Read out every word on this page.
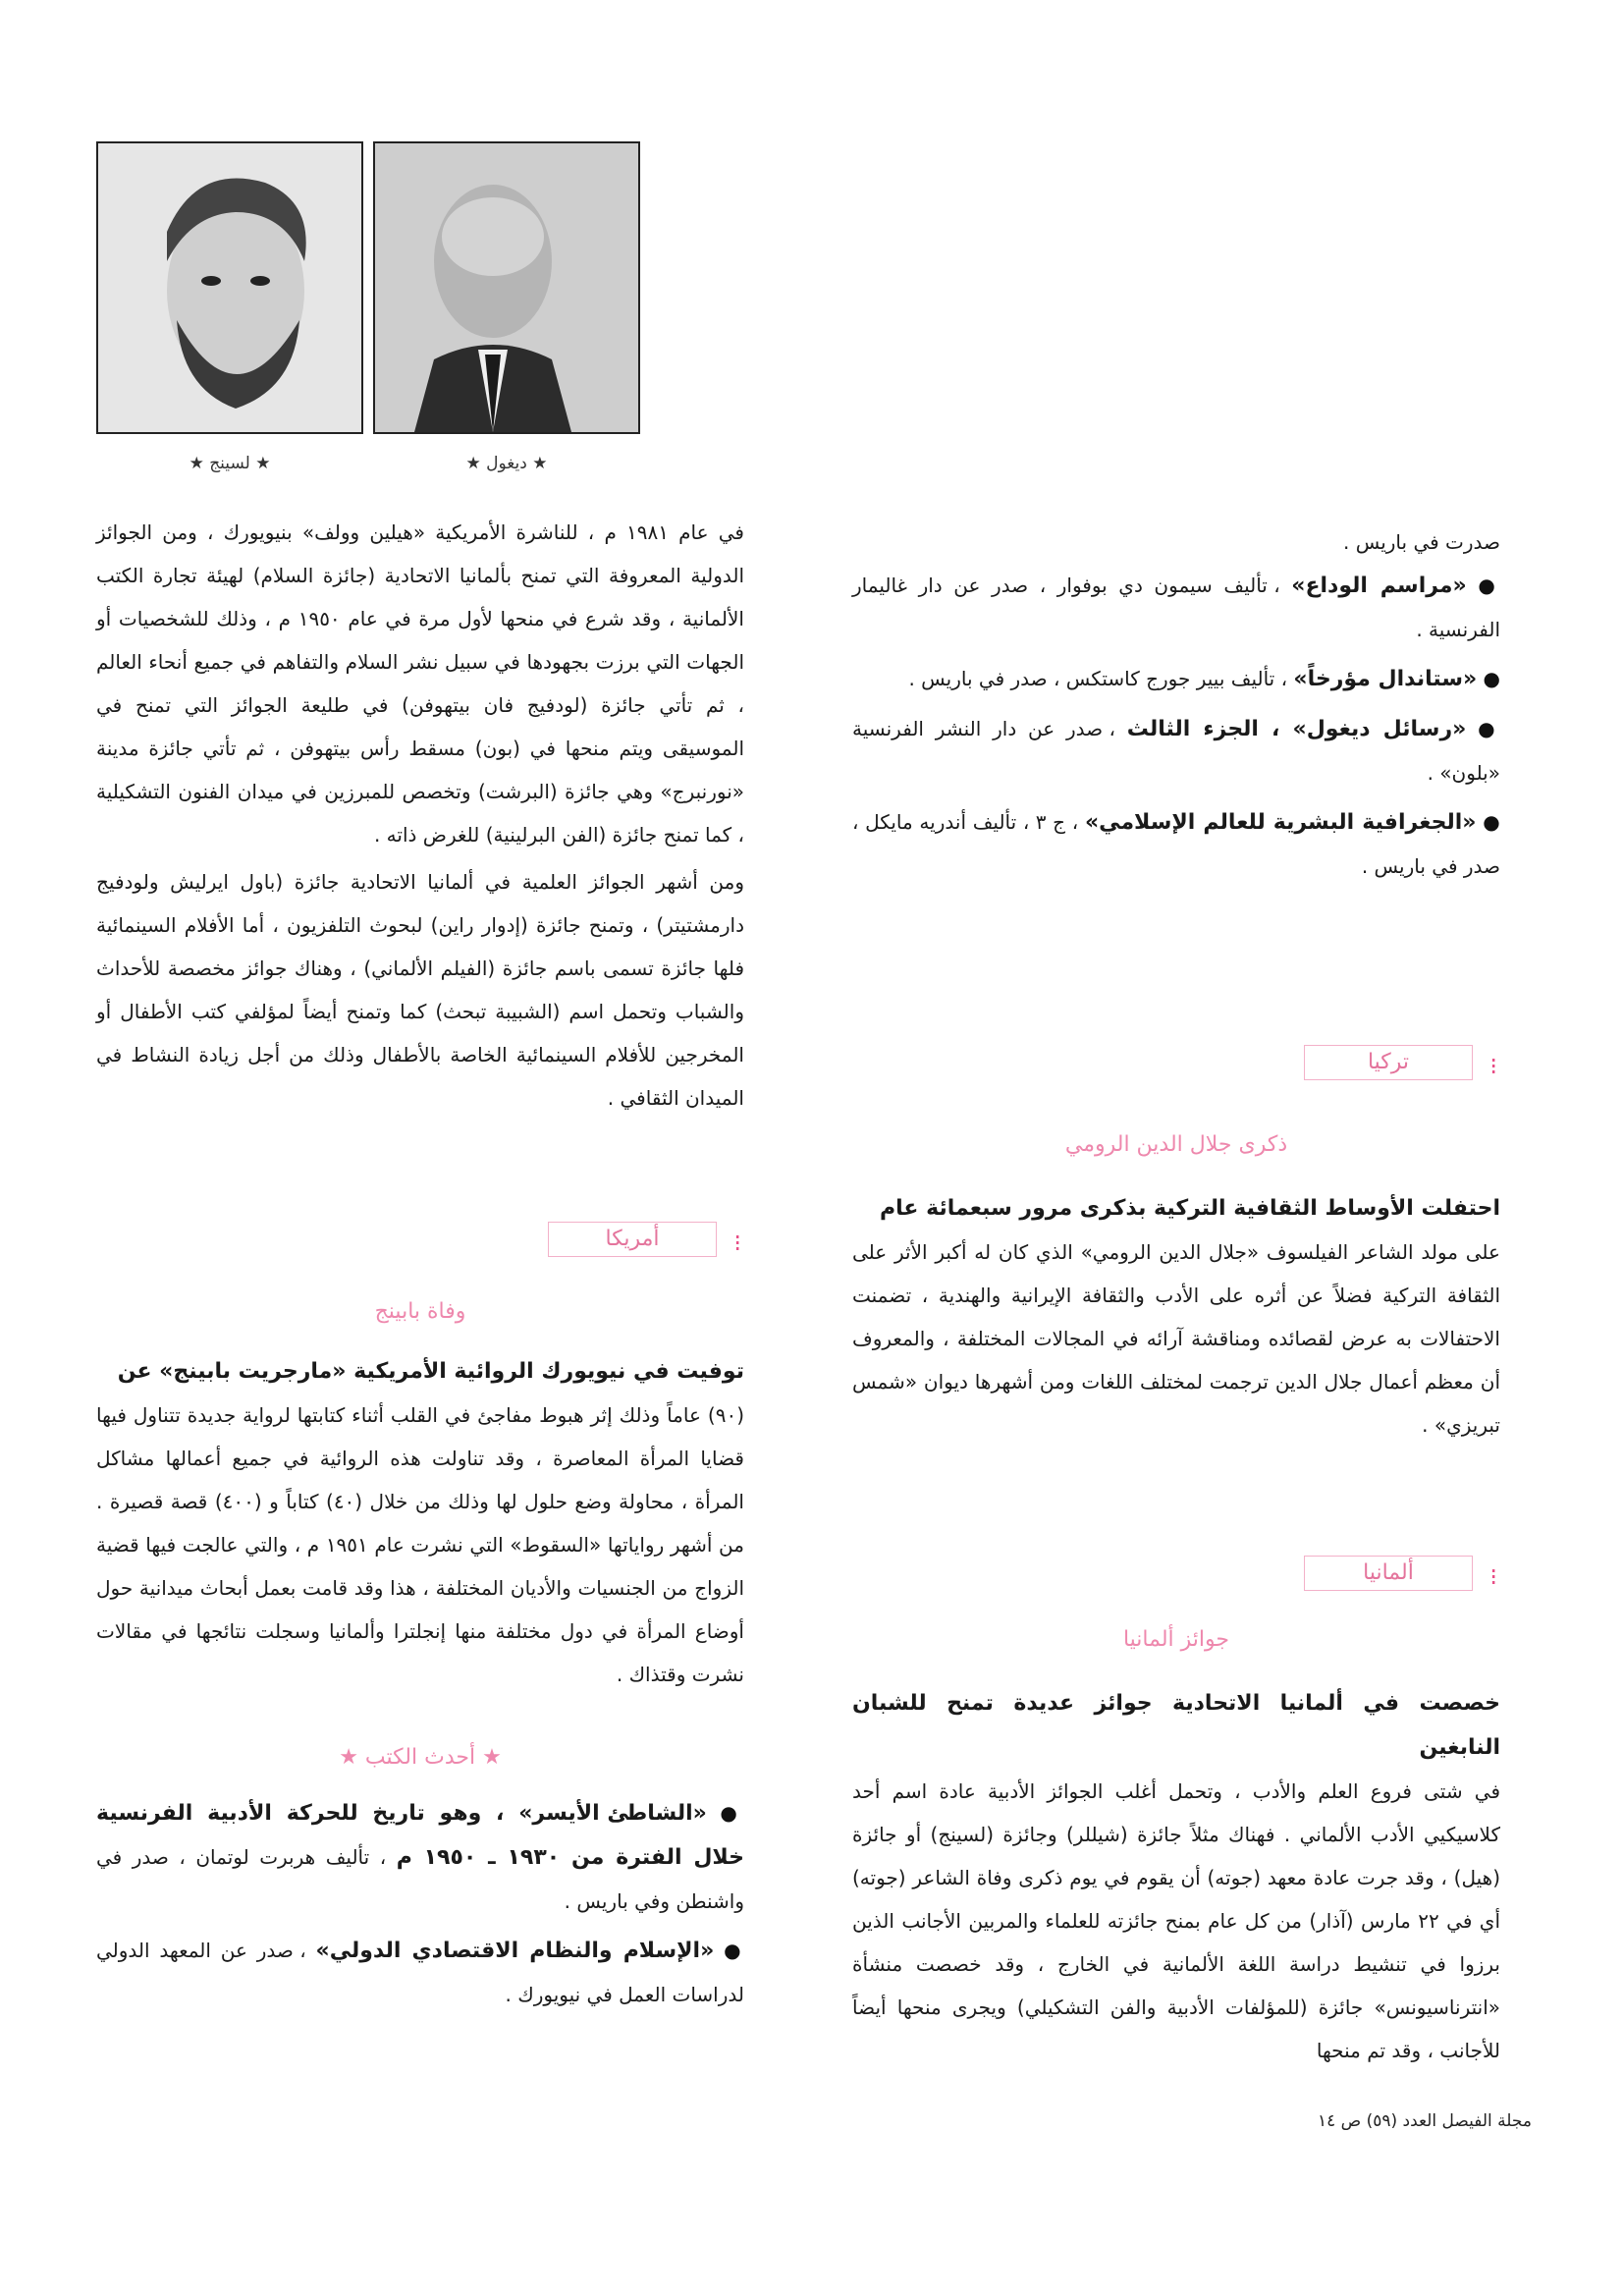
★ ديغول ★
★ لسينج ★

صدرت في باريس .

● «مراسم الوداع» ، تأليف سيمون دي بوفوار ، صدر عن دار غاليمار الفرنسية .

● «ستاندال مؤرخاً» ، تأليف بيير جورج كاستكس ، صدر في باريس .

● «رسائل ديغول» ، الجزء الثالث ، صدر عن دار النشر الفرنسية «بلون» .

● «الجغرافية البشرية للعالم الإسلامي» ، ج ٣ ، تأليف أندريه مايكل ، صدر في باريس .

تركيا	⁝

ذكرى جلال الدين الرومي

احتفلت الأوساط الثقافية التركية بذكرى مرور سبعمائة عام

على مولد الشاعر الفيلسوف «جلال الدين الرومي» الذي كان له أكبر الأثر على الثقافة التركية فضلاً عن أثره على الأدب والثقافة الإيرانية والهندية ، تضمنت الاحتفالات به عرض لقصائده ومناقشة آرائه في المجالات المختلفة ، والمعروف أن معظم أعمال جلال الدين ترجمت لمختلف اللغات ومن أشهرها ديوان «شمس تبريزي» .

ألمانيا	⁝

جوائز ألمانيا

خصصت في ألمانيا الاتحادية جوائز عديدة تمنح للشبان النابغين

في شتى فروع العلم والأدب ، وتحمل أغلب الجوائز الأدبية عادة اسم أحد كلاسيكيي الأدب الألماني . فهناك مثلاً جائزة (شيللر) وجائزة (لسينج) أو جائزة (هيل) ، وقد جرت عادة معهد (جوته) أن يقوم في يوم ذكرى وفاة الشاعر (جوته) أي في ٢٢ مارس (آذار) من كل عام بمنح جائزته للعلماء والمربين الأجانب الذين برزوا في تنشيط دراسة اللغة الألمانية في الخارج ، وقد خصصت منشأة «انترناسيونس» جائزة (للمؤلفات الأدبية والفن التشكيلي) ويجرى منحها أيضاً للأجانب ، وقد تم منحها

في عام ١٩٨١ م ، للناشرة الأمريكية «هيلين وولف» بنيويورك ، ومن الجوائز الدولية المعروفة التي تمنح بألمانيا الاتحادية (جائزة السلام) لهيئة تجارة الكتب الألمانية ، وقد شرع في منحها لأول مرة في عام ١٩٥٠ م ، وذلك للشخصيات أو الجهات التي برزت بجهودها في سبيل نشر السلام والتفاهم في جميع أنحاء العالم ، ثم تأتي جائزة (لودفيج فان بيتهوفن) في طليعة الجوائز التي تمنح في الموسيقى ويتم منحها في (بون) مسقط رأس بيتهوفن ، ثم تأتي جائزة مدينة «نورنبرج» وهي جائزة (البرشت) وتخصص للمبرزين في ميدان الفنون التشكيلية ، كما تمنح جائزة (الفن البرلينية) للغرض ذاته .

ومن أشهر الجوائز العلمية في ألمانيا الاتحادية جائزة (باول ايرليش ولودفيج دارمشتيتر) ، وتمنح جائزة (إدوار راين) لبحوث التلفزيون ، أما الأفلام السينمائية فلها جائزة تسمى باسم جائزة (الفيلم الألماني) ، وهناك جوائز مخصصة للأحداث والشباب وتحمل اسم (الشبيبة تبحث) كما وتمنح أيضاً لمؤلفي كتب الأطفال أو المخرجين للأفلام السينمائية الخاصة بالأطفال وذلك من أجل زيادة النشاط في الميدان الثقافي .

أمريكا	⁝

وفاة بابينج

توفيت في نيويورك الروائية الأمريكية «مارجريت بابينج» عن

(٩٠) عاماً وذلك إثر هبوط مفاجئ في القلب أثناء كتابتها لرواية جديدة تتناول فيها قضايا المرأة المعاصرة ، وقد تناولت هذه الروائية في جميع أعمالها مشاكل المرأة ، محاولة وضع حلول لها وذلك من خلال (٤٠) كتاباً و (٤٠٠) قصة قصيرة . من أشهر رواياتها «السقوط» التي نشرت عام ١٩٥١ م ، والتي عالجت فيها قضية الزواج من الجنسيات والأديان المختلفة ، هذا وقد قامت بعمل أبحاث ميدانية حول أوضاع المرأة في دول مختلفة منها إنجلترا وألمانيا وسجلت نتائجها في مقالات نشرت وقتذاك .

★ أحدث الكتب ★

● «الشاطئ الأيسر» ، وهو تاريخ للحركة الأدبية الفرنسية خلال الفترة من ١٩٣٠ ـ ١٩٥٠ م ، تأليف هربرت لوتمان ، صدر في واشنطن وفي باريس .

● «الإسلام والنظام الاقتصادي الدولي» ، صدر عن المعهد الدولي لدراسات العمل في نيويورك .

مجلة الفيصل العدد (٥٩) ص ١٤
